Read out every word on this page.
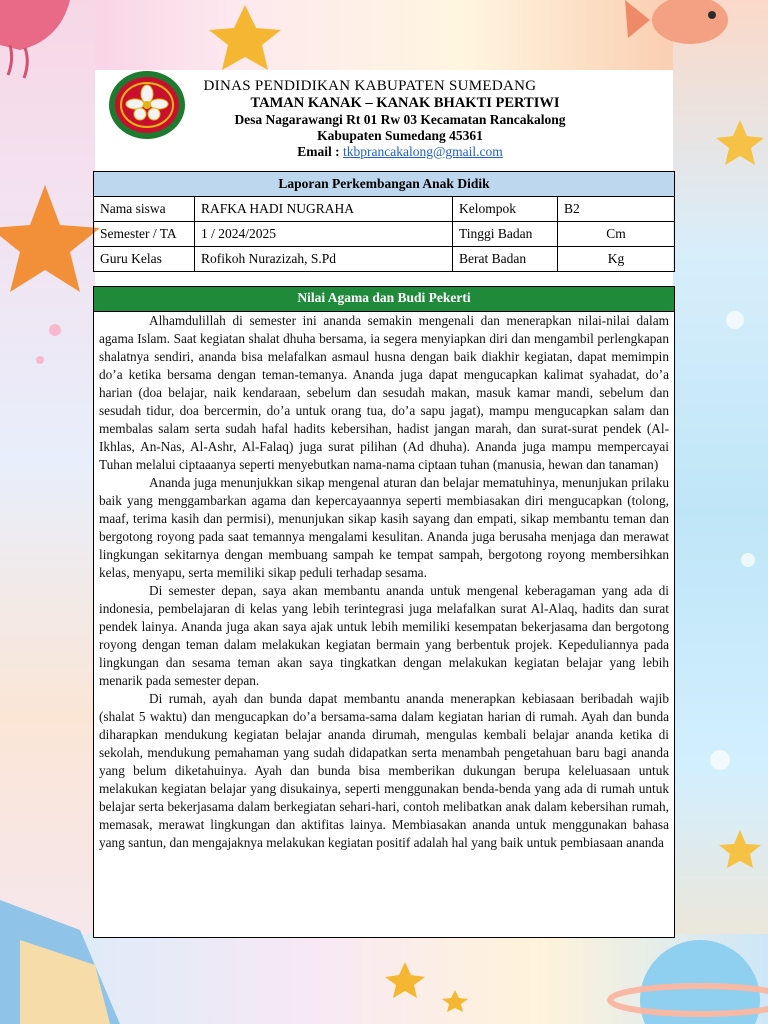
DINAS PENDIDIKAN KABUPATEN SUMEDANG
TAMAN KANAK – KANAK BHAKTI PERTIWI
Desa Nagarawangi Rt 01 Rw 03 Kecamatan Rancakalong
Kabupaten Sumedang 45361
Email : tkbprancakalong@gmail.com
Laporan Perkembangan Anak Didik			
Nama siswa	RAFKA HADI NUGRAHA	Kelompok	B2
Semester / TA	1 / 2024/2025	Tinggi Badan	Cm
Guru Kelas	Rofikoh Nurazizah, S.Pd	Berat Badan	Kg
Nilai Agama dan Budi Pekerti

Alhamdulillah di semester ini ananda semakin mengenali dan menerapkan nilai-nilai dalam agama Islam. Saat kegiatan shalat dhuha bersama, ia segera menyiapkan diri dan mengambil perlengkapan shalatnya sendiri, ananda bisa melafalkan asmaul husna dengan baik diakhir kegiatan, dapat memimpin do’a ketika bersama dengan teman-temanya. Ananda juga dapat mengucapkan kalimat syahadat, do’a harian (doa belajar, naik kendaraan, sebelum dan sesudah makan, masuk kamar mandi, sebelum dan sesudah tidur, doa bercermin, do’a untuk orang tua, do’a sapu jagat), mampu mengucapkan salam dan membalas salam serta sudah hafal hadits kebersihan, hadist jangan marah, dan surat-surat pendek (Al-Ikhlas, An-Nas, Al-Ashr, Al-Falaq) juga surat pilihan (Ad dhuha). Ananda juga mampu mempercayai Tuhan melalui ciptaaanya seperti menyebutkan nama-nama ciptaan tuhan (manusia, hewan dan tanaman)

Ananda juga menunjukkan sikap mengenal aturan dan belajar mematuhinya, menunjukan prilaku baik yang menggambarkan agama dan kepercayaannya seperti membiasakan diri mengucapkan (tolong, maaf, terima kasih dan permisi), menunjukan sikap kasih sayang dan empati, sikap membantu teman dan bergotong royong pada saat temannya mengalami kesulitan. Ananda juga berusaha menjaga dan merawat lingkungan sekitarnya dengan membuang sampah ke tempat sampah, bergotong royong membersihkan kelas, menyapu, serta memiliki sikap peduli terhadap sesama.

Di semester depan, saya akan membantu ananda untuk mengenal keberagaman yang ada di indonesia, pembelajaran di kelas yang lebih terintegrasi juga melafalkan surat Al-Alaq, hadits dan surat pendek lainya. Ananda juga akan saya ajak untuk lebih memiliki kesempatan bekerjasama dan bergotong royong dengan teman dalam melakukan kegiatan bermain yang berbentuk projek. Kepeduliannya pada lingkungan dan sesama teman akan saya tingkatkan dengan melakukan kegiatan belajar yang lebih menarik pada semester depan.

Di rumah, ayah dan bunda dapat membantu ananda menerapkan kebiasaan beribadah wajib (shalat 5 waktu) dan mengucapkan do’a bersama-sama dalam kegiatan harian di rumah. Ayah dan bunda diharapkan mendukung kegiatan belajar ananda dirumah, mengulas kembali belajar ananda ketika di sekolah, mendukung pemahaman yang sudah didapatkan serta menambah pengetahuan baru bagi ananda yang belum diketahuinya. Ayah dan bunda bisa memberikan dukungan berupa keleluasaan untuk melakukan kegiatan belajar yang disukainya, seperti menggunakan benda-benda yang ada di rumah untuk belajar serta bekerjasama dalam berkegiatan sehari-hari, contoh melibatkan anak dalam kebersihan rumah, memasak, merawat lingkungan dan aktifitas lainya. Membiasakan ananda untuk menggunakan bahasa yang santun, dan mengajaknya melakukan kegiatan positif adalah hal yang baik untuk pembiasaan ananda
